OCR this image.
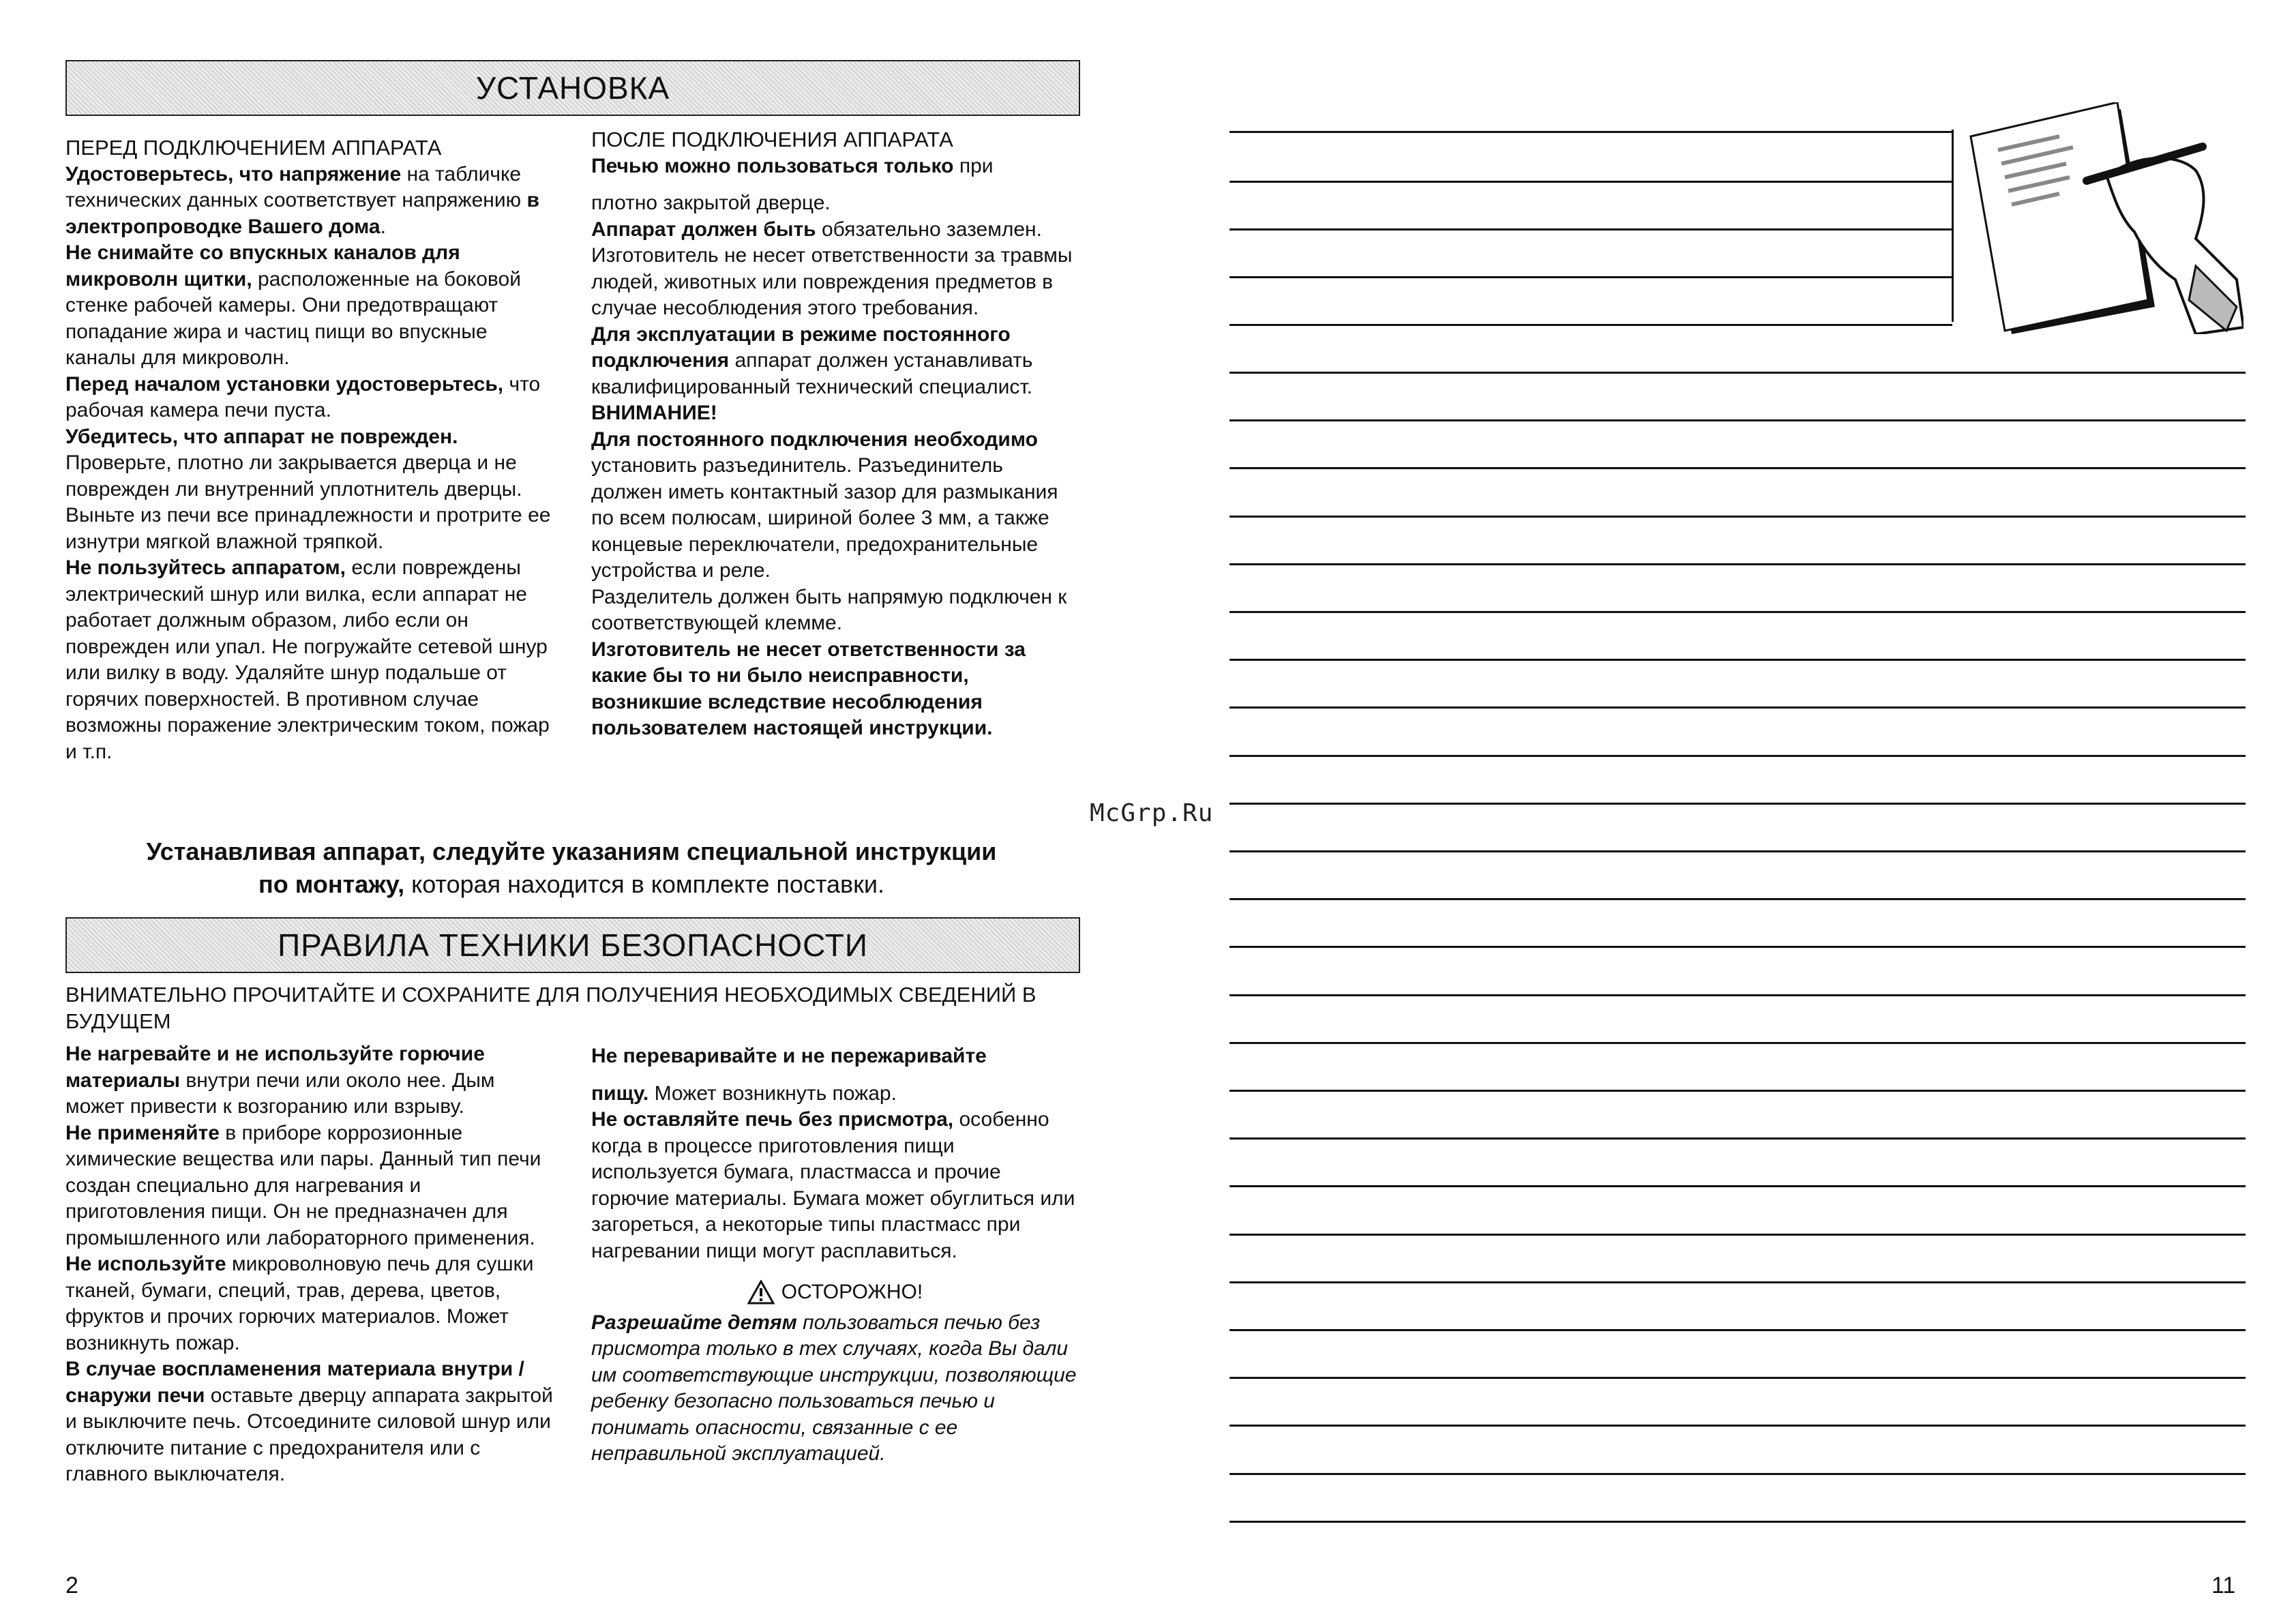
УСТАНОВКА

ПЕРЕД ПОДКЛЮЧЕНИЕМ АППАРАТА

Удостоверьтесь, что напряжение на табличке технических данных соответствует напряжению в электропроводке Вашего дома.

Не снимайте со впускных каналов для микроволн щитки, расположенные на боковой стенке рабочей камеры. Они предотвращают попадание жира и частиц пищи во впускные каналы для микроволн.

Перед началом установки удостоверьтесь, что рабочая камера печи пуста.

Убедитесь, что аппарат не поврежден. Проверьте, плотно ли закрывается дверца и не поврежден ли внутренний уплотнитель дверцы. Выньте из печи все принадлежности и протрите ее изнутри мягкой влажной тряпкой.

Не пользуйтесь аппаратом, если повреждены электрический шнур или вилка, если аппарат не работает должным образом, либо если он поврежден или упал. Не погружайте сетевой шнур или вилку в воду. Удаляйте шнур подальше от горячих поверхностей. В противном случае возможны поражение электрическим током, пожар и т.п.

ПОСЛЕ ПОДКЛЮЧЕНИЯ АППАРАТА

Печью можно пользоваться только при

плотно закрытой дверце.

Аппарат должен быть обязательно заземлен. Изготовитель не несет ответственности за травмы людей, животных или повреждения предметов в случае несоблюдения этого требования.

Для эксплуатации в режиме постоянного подключения аппарат должен устанавливать квалифицированный технический специалист.

ВНИМАНИЕ!

Для постоянного подключения необходимо установить разъединитель. Разъединитель должен иметь контактный зазор для размыкания по всем полюсам, шириной более 3 мм, а также концевые переключатели, предохранительные устройства и реле.

Разделитель должен быть напрямую подключен к соответствующей клемме.

Изготовитель не несет ответственности за какие бы то ни было неисправности, возникшие вследствие несоблюдения пользователем настоящей инструкции.

Устанавливая аппарат, следуйте указаниям специальной инструкции
по монтажу, которая находится в комплекте поставки.
ПРАВИЛА ТЕХНИКИ БЕЗОПАСНОСТИ
ВНИМАТЕЛЬНО ПРОЧИТАЙТЕ И СОХРАНИТЕ ДЛЯ ПОЛУЧЕНИЯ НЕОБХОДИМЫХ СВЕДЕНИЙ В БУДУЩЕМ

Не нагревайте и не используйте горючие материалы внутри печи или около нее. Дым может привести к возгоранию или взрыву.

Не применяйте в приборе коррозионные химические вещества или пары. Данный тип печи создан специально для нагревания и приготовления пищи. Он не предназначен для промышленного или лабораторного применения.

Не используйте микроволновую печь для сушки тканей, бумаги, специй, трав, дерева, цветов, фруктов и прочих горючих материалов. Может возникнуть пожар.

В случае воспламенения материала внутри / снаружи печи оставьте дверцу аппарата закрытой и выключите печь. Отсоедините силовой шнур или отключите питание с предохранителя или с главного выключателя.

Не переваривайте и не пережаривайте

пищу. Может возникнуть пожар.

Не оставляйте печь без присмотра, особенно когда в процессе приготовления пищи используется бумага, пластмасса и прочие горючие материалы. Бумага может обуглиться или загореться, а некоторые типы пластмасс при нагревании пищи могут расплавиться.

ОСТОРОЖНО!

Разрешайте детям пользоваться печью без присмотра только в тех случаях, когда Вы дали им соответствующие инструкции, позволяющие ребенку безопасно пользоваться печью и понимать опасности, связанные с ее неправильной эксплуатацией.

McGrp.Ru
2	11
